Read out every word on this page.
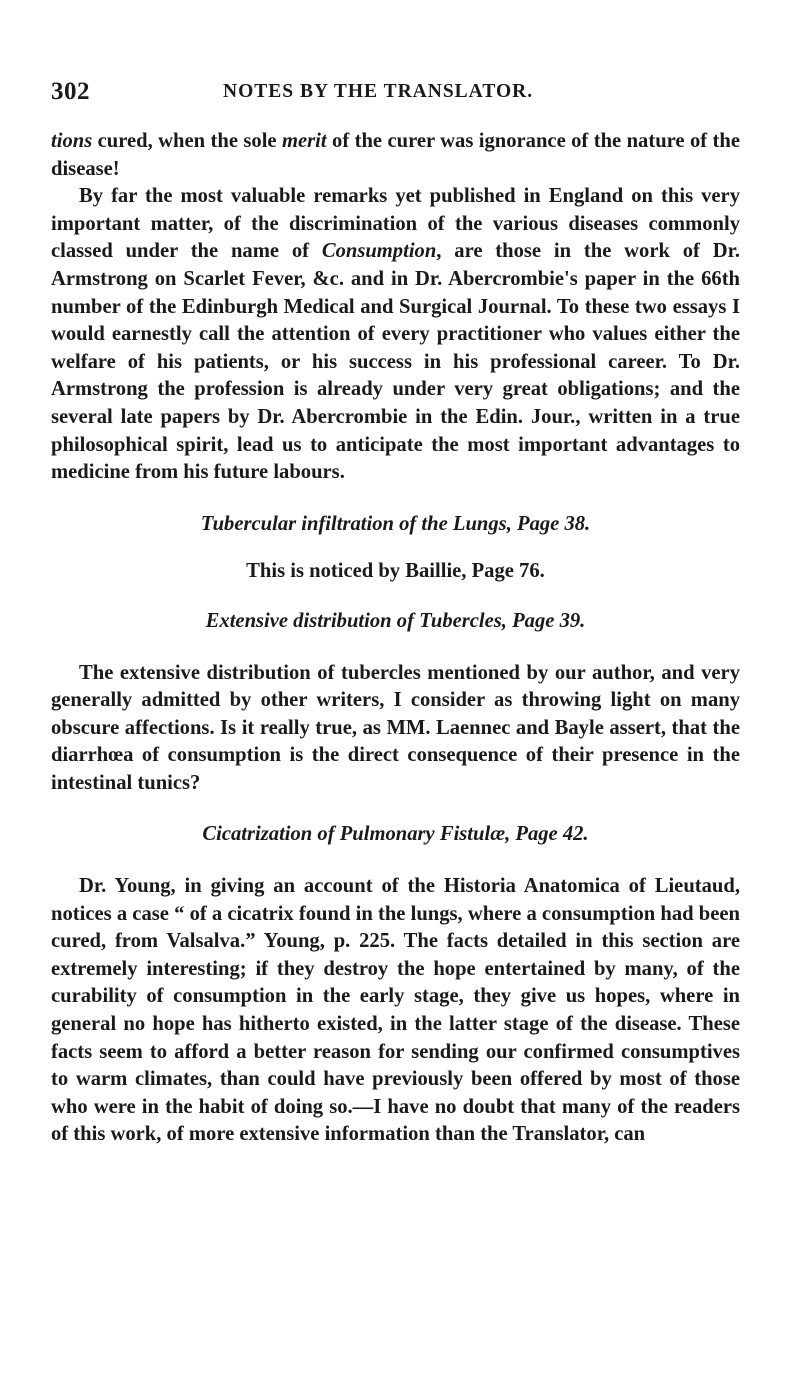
302	NOTES BY THE TRANSLATOR.

tions cured, when the sole merit of the curer was ignorance of the nature of the disease!

By far the most valuable remarks yet published in England on this very important matter, of the discrimination of the various diseases commonly classed under the name of Consumption, are those in the work of Dr. Armstrong on Scarlet Fever, &c. and in Dr. Abercrombie's paper in the 66th number of the Edinburgh Medical and Surgical Journal. To these two essays I would earnestly call the attention of every practitioner who values either the welfare of his patients, or his success in his professional career. To Dr. Armstrong the profession is already under very great obligations; and the several late papers by Dr. Abercrombie in the Edin. Jour., written in a true philosophical spirit, lead us to anticipate the most important advantages to medicine from his future labours.

Tubercular infiltration of the Lungs, Page 38.

This is noticed by Baillie, Page 76.

Extensive distribution of Tubercles, Page 39.

The extensive distribution of tubercles mentioned by our author, and very generally admitted by other writers, I consider as throwing light on many obscure affections. Is it really true, as MM. Laennec and Bayle assert, that the diarrhœa of consumption is the direct consequence of their presence in the intestinal tunics?

Cicatrization of Pulmonary Fistulæ, Page 42.

Dr. Young, in giving an account of the Historia Anatomica of Lieutaud, notices a case “ of a cicatrix found in the lungs, where a consumption had been cured, from Valsalva.” Young, p. 225. The facts detailed in this section are extremely interesting; if they destroy the hope entertained by many, of the curability of consumption in the early stage, they give us hopes, where in general no hope has hitherto existed, in the latter stage of the disease. These facts seem to afford a better reason for sending our confirmed consumptives to warm climates, than could have previously been offered by most of those who were in the habit of doing so.—I have no doubt that many of the readers of this work, of more extensive information than the Translator, can
